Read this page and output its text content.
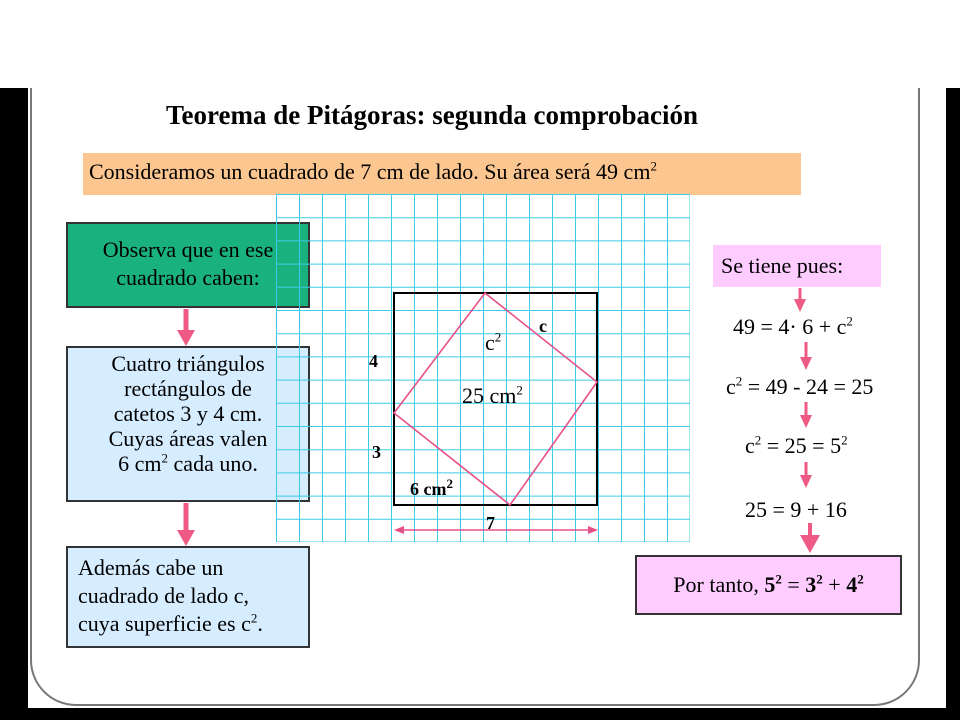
Teorema de Pitágoras: segunda comprobación
Consideramos un cuadrado de 7 cm de lado. Su área será 49 $cm^2$
Observa que en ese
cuadrado caben:
Cuatro triángulos
rectángulos de
catetos 3 y 4 cm.
Cuyas áreas valen
6 $cm^2$ cada uno.
Además cabe un
cuadrado de lado c,
cuya superficie es $c^2$.
c
$c^2$
25 $cm^2$
4
3
6 $cm^2$
7
Se tiene pues:
$49 = 4\cdot 6 + c^2$
$c^2 = 49 - 24 = 25$
$c^2 = 25 = 5^2$
25 = 9 + 16
Por tanto, $5^2 = 3^2 + 4^2$
